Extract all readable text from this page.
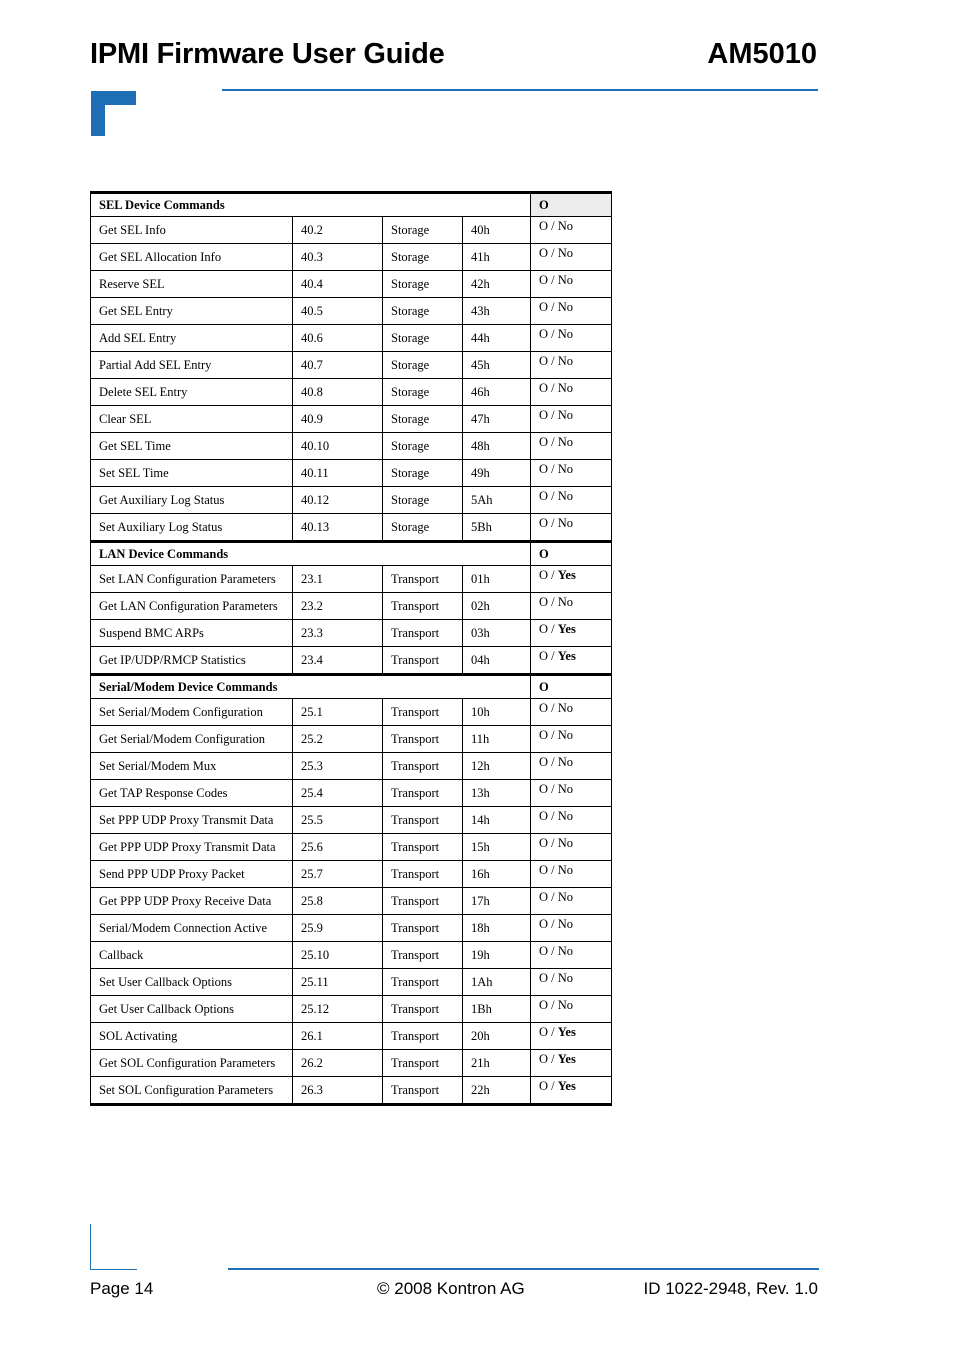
IPMI Firmware User Guide	AM5010
SEL Device Commands				O
Get SEL Info	40.2	Storage	40h	O / No
Get SEL Allocation Info	40.3	Storage	41h	O / No
Reserve SEL	40.4	Storage	42h	O / No
Get SEL Entry	40.5	Storage	43h	O / No
Add SEL Entry	40.6	Storage	44h	O / No
Partial Add SEL Entry	40.7	Storage	45h	O / No
Delete SEL Entry	40.8	Storage	46h	O / No
Clear SEL	40.9	Storage	47h	O / No
Get SEL Time	40.10	Storage	48h	O / No
Set SEL Time	40.11	Storage	49h	O / No
Get Auxiliary Log Status	40.12	Storage	5Ah	O / No
Set Auxiliary Log Status	40.13	Storage	5Bh	O / No
LAN Device Commands				O
Set LAN Configuration Parameters	23.1	Transport	01h	O / Yes
Get LAN Configuration Parameters	23.2	Transport	02h	O / No
Suspend BMC ARPs	23.3	Transport	03h	O / Yes
Get IP/UDP/RMCP Statistics	23.4	Transport	04h	O / Yes
Serial/Modem Device Commands				O
Set Serial/Modem Configuration	25.1	Transport	10h	O / No
Get Serial/Modem Configuration	25.2	Transport	11h	O / No
Set Serial/Modem Mux	25.3	Transport	12h	O / No
Get TAP Response Codes	25.4	Transport	13h	O / No
Set PPP UDP Proxy Transmit Data	25.5	Transport	14h	O / No
Get PPP UDP Proxy Transmit Data	25.6	Transport	15h	O / No
Send PPP UDP Proxy Packet	25.7	Transport	16h	O / No
Get PPP UDP Proxy Receive Data	25.8	Transport	17h	O / No
Serial/Modem Connection Active	25.9	Transport	18h	O / No
Callback	25.10	Transport	19h	O / No
Set User Callback Options	25.11	Transport	1Ah	O / No
Get User Callback Options	25.12	Transport	1Bh	O / No
SOL Activating	26.1	Transport	20h	O / Yes
Get SOL Configuration Parameters	26.2	Transport	21h	O / Yes
Set SOL Configuration Parameters	26.3	Transport	22h	O / Yes
Page 14	© 2008 Kontron AG	ID 1022-2948, Rev. 1.0
